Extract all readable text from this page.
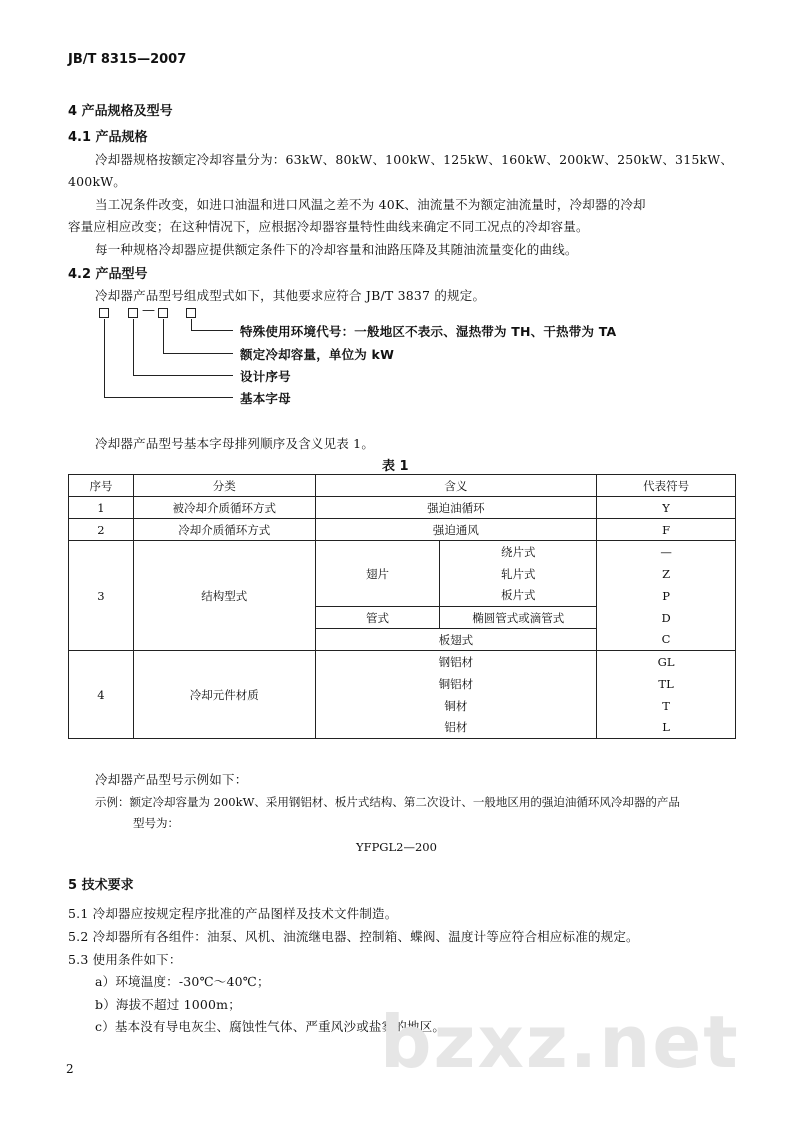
JB/T 8315—2007
4 产品规格及型号
4.1 产品规格
冷却器规格按额定冷却容量分为：63kW、80kW、100kW、125kW、160kW、200kW、250kW、315kW、
400kW。
当工况条件改变，如进口油温和进口风温之差不为 40K、油流量不为额定油流量时，冷却器的冷却
容量应相应改变；在这种情况下，应根据冷却器容量特性曲线来确定不同工况点的冷却容量。
每一种规格冷却器应提供额定条件下的冷却容量和油路压降及其随油流量变化的曲线。
4.2 产品型号
冷却器产品型号组成型式如下，其他要求应符合 JB/T 3837 的规定。
—
特殊使用环境代号：一般地区不表示、湿热带为 TH、干热带为 TA
额定冷却容量，单位为 kW
设计序号
基本字母
冷却器产品型号基本字母排列顺序及含义见表 1。
表 1
序号	分类	含义		代表符号
1	被冷却介质循环方式	强迫油循环		Y
2	冷却介质循环方式	强迫通风		F
3	结构型式	翅片	绕片式	—
			轧片式	Z
			板片式	P
		管式	椭圆管式或滴管式	D
		板翅式		C
4	冷却元件材质	钢铝材		GL
		铜铝材		TL
		铜材		T
		铝材		L
冷却器产品型号示例如下：
示例：额定冷却容量为 200kW、采用钢铝材、板片式结构、第二次设计、一般地区用的强迫油循环风冷却器的产品
型号为：
YFPGL2—200
5 技术要求
5.1 冷却器应按规定程序批准的产品图样及技术文件制造。
5.2 冷却器所有各组件：油泵、风机、油流继电器、控制箱、蝶阀、温度计等应符合相应标准的规定。
5.3 使用条件如下：
a）环境温度：-30℃～40℃；
b）海拔不超过 1000m；
c）基本没有导电灰尘、腐蚀性气体、严重风沙或盐雾的地区。
bzxz.net
2
